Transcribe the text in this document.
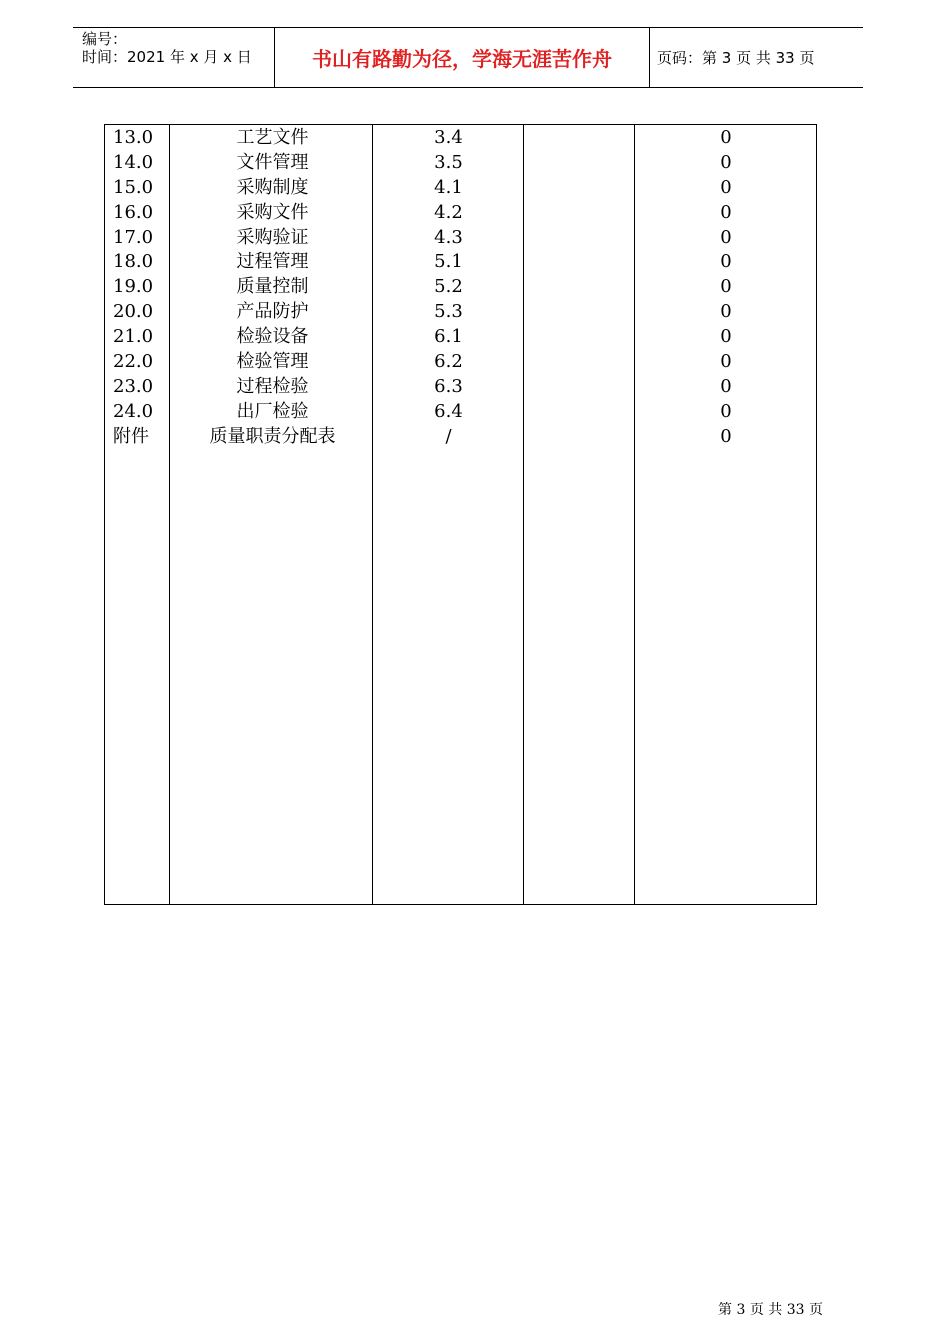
编号：
时间：2021 年 x 月 x 日	书山有路勤为径，学海无涯苦作舟	页码：第 3 页 共 33 页
13.0	工艺文件	3.4	0
14.0	文件管理	3.5	0
15.0	采购制度	4.1	0
16.0	采购文件	4.2	0
17.0	采购验证	4.3	0
18.0	过程管理	5.1	0
19.0	质量控制	5.2	0
20.0	产品防护	5.3	0
21.0	检验设备	6.1	0
22.0	检验管理	6.2	0
23.0	过程检验	6.3	0
24.0	出厂检验	6.4	0
附件	质量职责分配表	/	0
第 3 页 共 33 页
